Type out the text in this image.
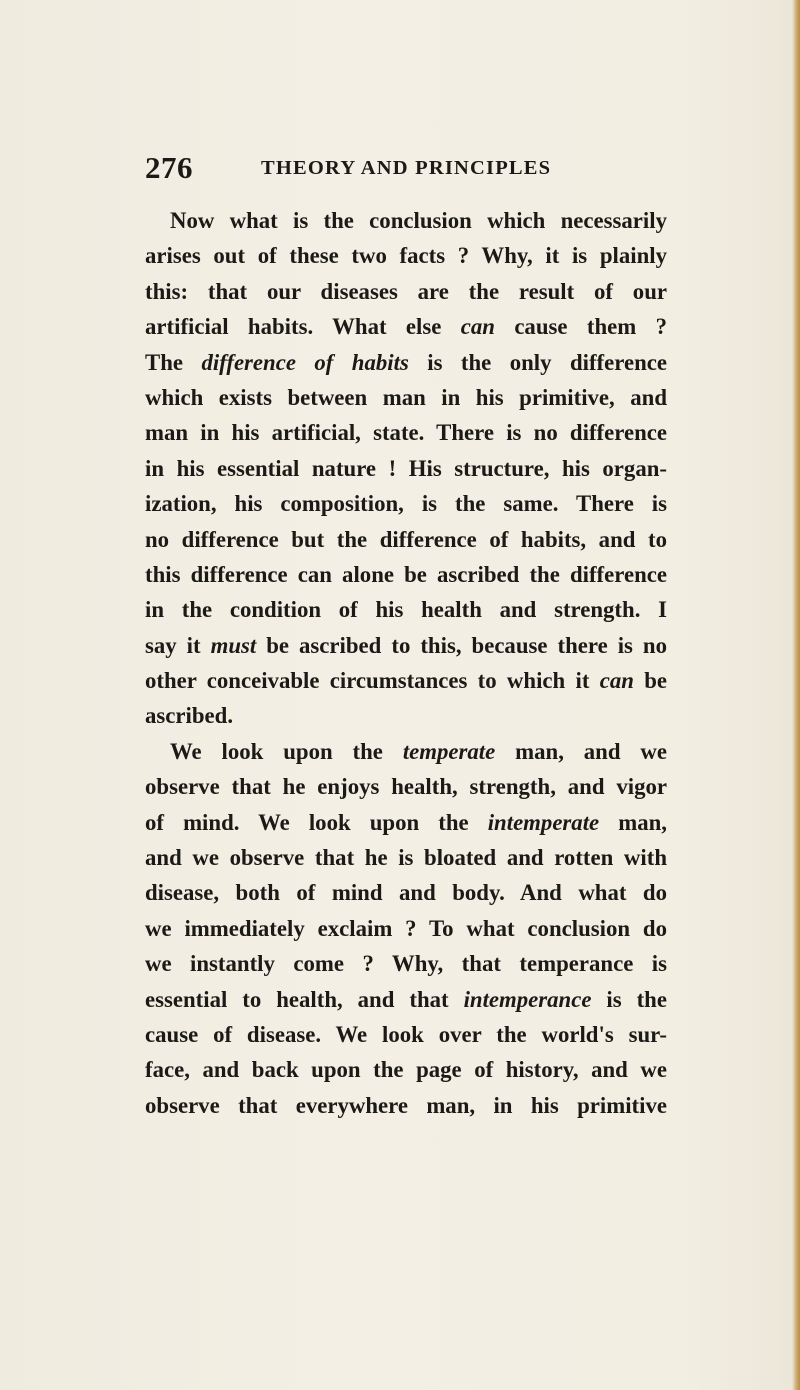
276	THEORY AND PRINCIPLES
Now what is the conclusion which necessarily
arises out of these two facts ? Why, it is plainly
this: that our diseases are the result of our
artificial habits. What else can cause them ?
The difference of habits is the only difference
which exists between man in his primitive, and
man in his artificial, state. There is no difference
in his essential nature ! His structure, his organ-
ization, his composition, is the same. There is
no difference but the difference of habits, and to
this difference can alone be ascribed the difference
in the condition of his health and strength. I
say it must be ascribed to this, because there is no
other conceivable circumstances to which it can be
ascribed.
We look upon the temperate man, and we
observe that he enjoys health, strength, and vigor
of mind. We look upon the intemperate man,
and we observe that he is bloated and rotten with
disease, both of mind and body. And what do
we immediately exclaim ? To what conclusion do
we instantly come ? Why, that temperance is
essential to health, and that intemperance is the
cause of disease. We look over the world's sur-
face, and back upon the page of history, and we
observe that everywhere man, in his primitive
